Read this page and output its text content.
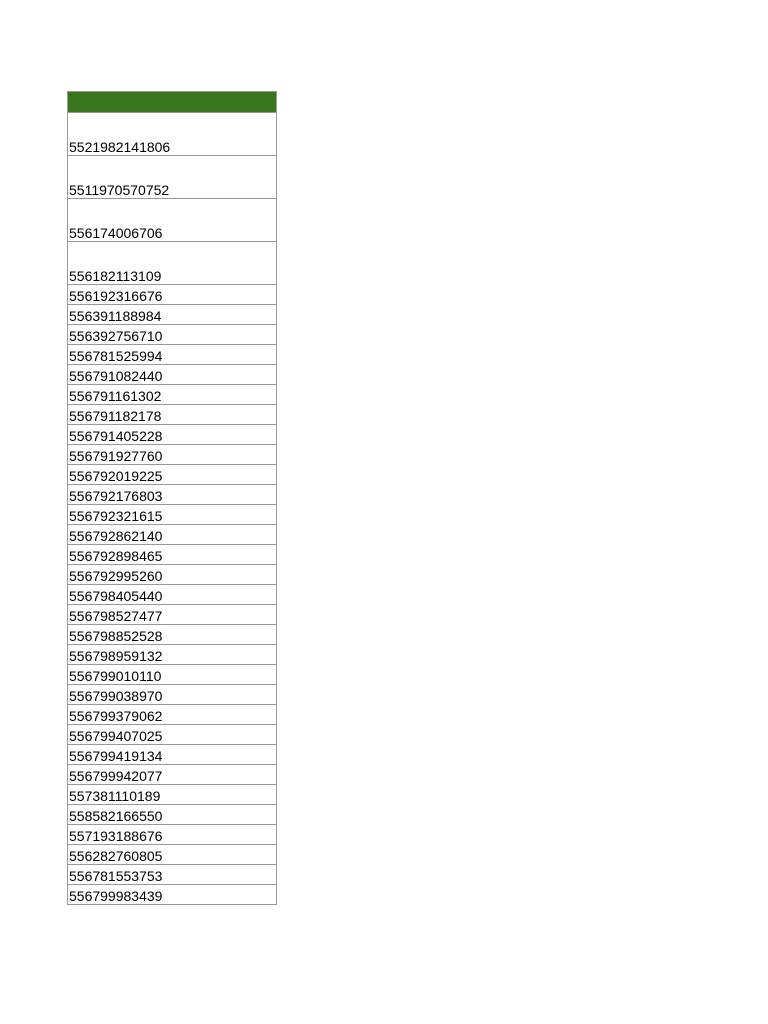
5521982141806
5511970570752
556174006706
556182113109
556192316676
556391188984
556392756710
556781525994
556791082440
556791161302
556791182178
556791405228
556791927760
556792019225
556792176803
556792321615
556792862140
556792898465
556792995260
556798405440
556798527477
556798852528
556798959132
556799010110
556799038970
556799379062
556799407025
556799419134
556799942077
557381110189
558582166550
557193188676
556282760805
556781553753
556799983439
